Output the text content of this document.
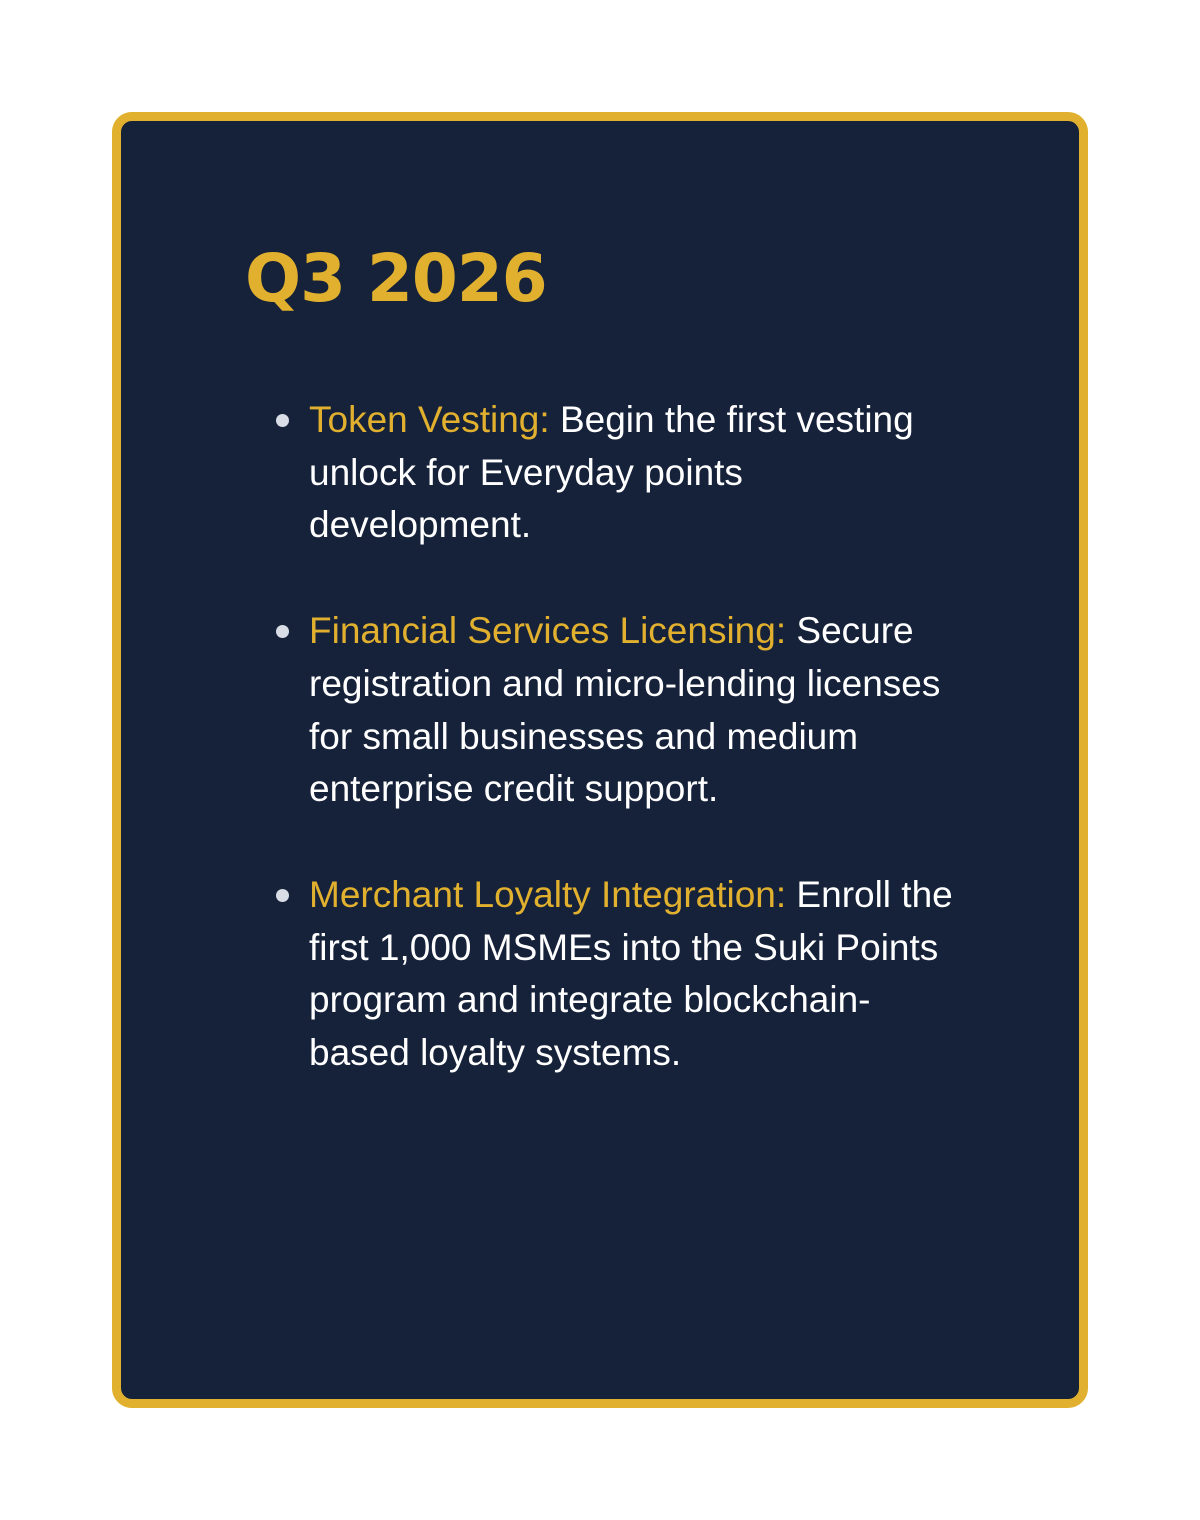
Q3 2026
Token Vesting: Begin the first vesting unlock for Everyday points development.
Financial Services Licensing: Secure registration and micro-lending licenses for small businesses and medium enterprise credit support.
Merchant Loyalty Integration: Enroll the first 1,000 MSMEs into the Suki Points program and integrate blockchain-based loyalty systems.
